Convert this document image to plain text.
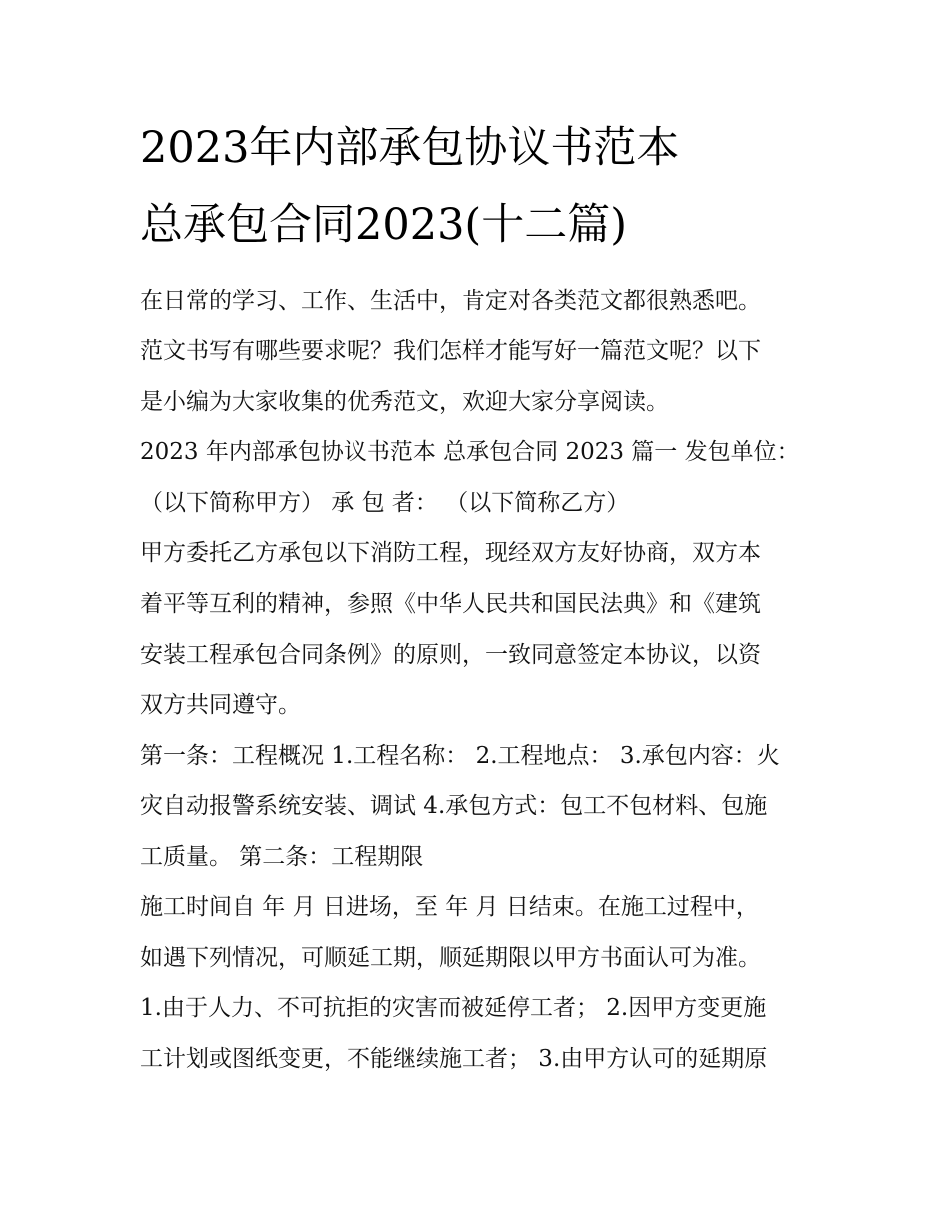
2023年内部承包协议书范本
总承包合同2023(十二篇)

在日常的学习、工作、生活中，肯定对各类范文都很熟悉吧。

范文书写有哪些要求呢？我们怎样才能写好一篇范文呢？以下

是小编为大家收集的优秀范文，欢迎大家分享阅读。

2023 年内部承包协议书范本 总承包合同 2023 篇一 发包单位：

（以下简称甲方） 承 包 者： （以下简称乙方）

甲方委托乙方承包以下消防工程，现经双方友好协商，双方本

着平等互利的精神，参照《中华人民共和国民法典》和《建筑

安装工程承包合同条例》的原则，一致同意签定本协议，以资

双方共同遵守。

第一条：工程概况 1.工程名称： 2.工程地点： 3.承包内容：火

灾自动报警系统安装、调试 4.承包方式：包工不包材料、包施

工质量。 第二条：工程期限

施工时间自 年 月 日进场，至 年 月 日结束。在施工过程中，

如遇下列情况，可顺延工期，顺延期限以甲方书面认可为准。

1.由于人力、不可抗拒的灾害而被延停工者； 2.因甲方变更施

工计划或图纸变更，不能继续施工者； 3.由甲方认可的延期原
